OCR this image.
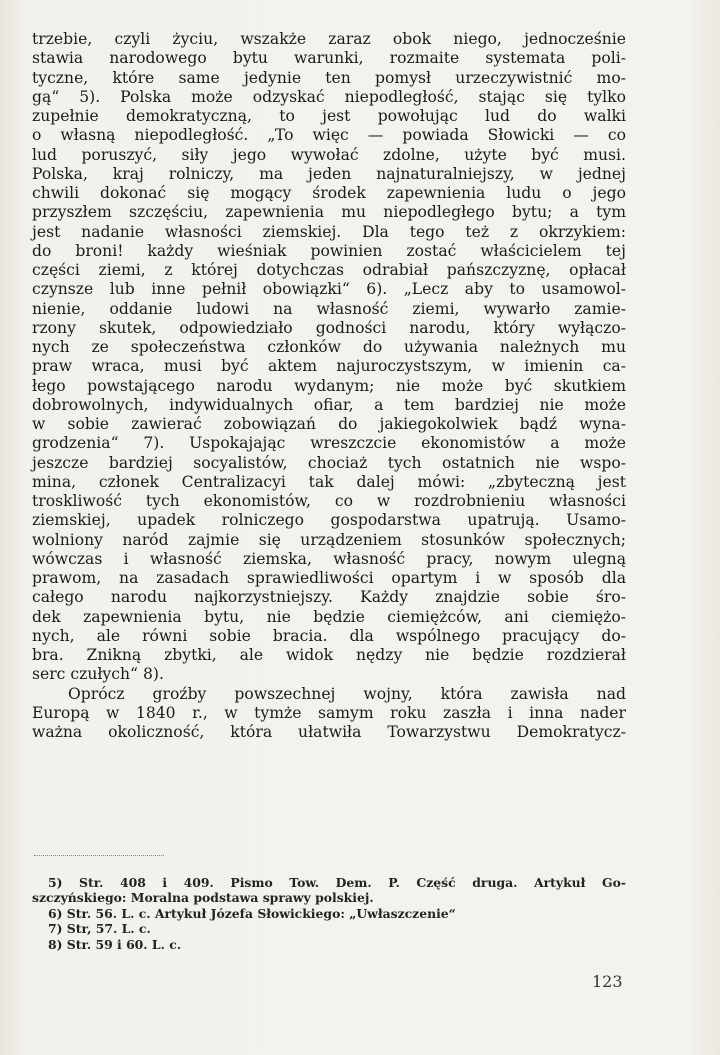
trzebie, czyli życiu, wszakże zaraz obok niego, jednocześnie

stawia narodowego bytu warunki, rozmaite systemata poli-

tyczne, które same jedynie ten pomysł urzeczywistnić mo-

gą“ 5). Polska może odzyskać niepodległość, stając się tylko

zupełnie demokratyczną, to jest powołując lud do walki

o własną niepodległość. „To więc — powiada Słowicki — co

lud poruszyć, siły jego wywołać zdolne, użyte być musi.

Polska, kraj rolniczy, ma jeden najnaturalniejszy, w jednej

chwili dokonać się mogący środek zapewnienia ludu o jego

przyszłem szczęściu, zapewnienia mu niepodległego bytu; a tym

jest nadanie własności ziemskiej. Dla tego też z okrzykiem:

do broni! każdy wieśniak powinien zostać właścicielem tej

części ziemi, z której dotychczas odrabiał pańszczyznę, opłacał

czynsze lub inne pełnił obowiązki“ 6). „Lecz aby to usamowol-

nienie, oddanie ludowi na własność ziemi, wywarło zamie-

rzony skutek, odpowiedziało godności narodu, który wyłączo-

nych ze społeczeństwa członków do używania należnych mu

praw wraca, musi być aktem najuroczystszym, w imienin ca-

łego powstającego narodu wydanym; nie może być skutkiem

dobrowolnych, indywidualnych ofiar, a tem bardziej nie może

w sobie zawierać zobowiązań do jakiegokolwiek bądź wyna-

grodzenia“ 7). Uspokajając wreszczcie ekonomistów a może

jeszcze bardziej socyalistów, chociaż tych ostatnich nie wspo-

mina, członek Centralizacyi tak dalej mówi: „zbyteczną jest

troskliwość tych ekonomistów, co w rozdrobnieniu własności

ziemskiej, upadek rolniczego gospodarstwa upatrują. Usamo-

wolniony naród zajmie się urządzeniem stosunków społecznych;

wówczas i własność ziemska, własność pracy, nowym ulegną

prawom, na zasadach sprawiedliwości opartym i w sposób dla

całego narodu najkorzystniejszy. Każdy znajdzie sobie śro-

dek zapewnienia bytu, nie będzie ciemiężców, ani ciemiężo-

nych, ale równi sobie bracia. dla wspólnego pracujący do-

bra. Znikną zbytki, ale widok nędzy nie będzie rozdzierał

serc czułych“ 8).

Oprócz groźby powszechnej wojny, która zawisła nad

Europą w 1840 r., w tymże samym roku zaszła i inna nader

ważna okoliczność, która ułatwiła Towarzystwu Demokratycz-

5) Str. 408 i 409. Pismo Tow. Dem. P. Część druga. Artykuł Go-

szczyńskiego: Moralna podstawa sprawy polskiej.

6) Str. 56. L. c. Artykuł Józefa Słowickiego: „Uwłaszczenie“

7) Str, 57. L. c.

8) Str. 59 i 60. L. c.

123
